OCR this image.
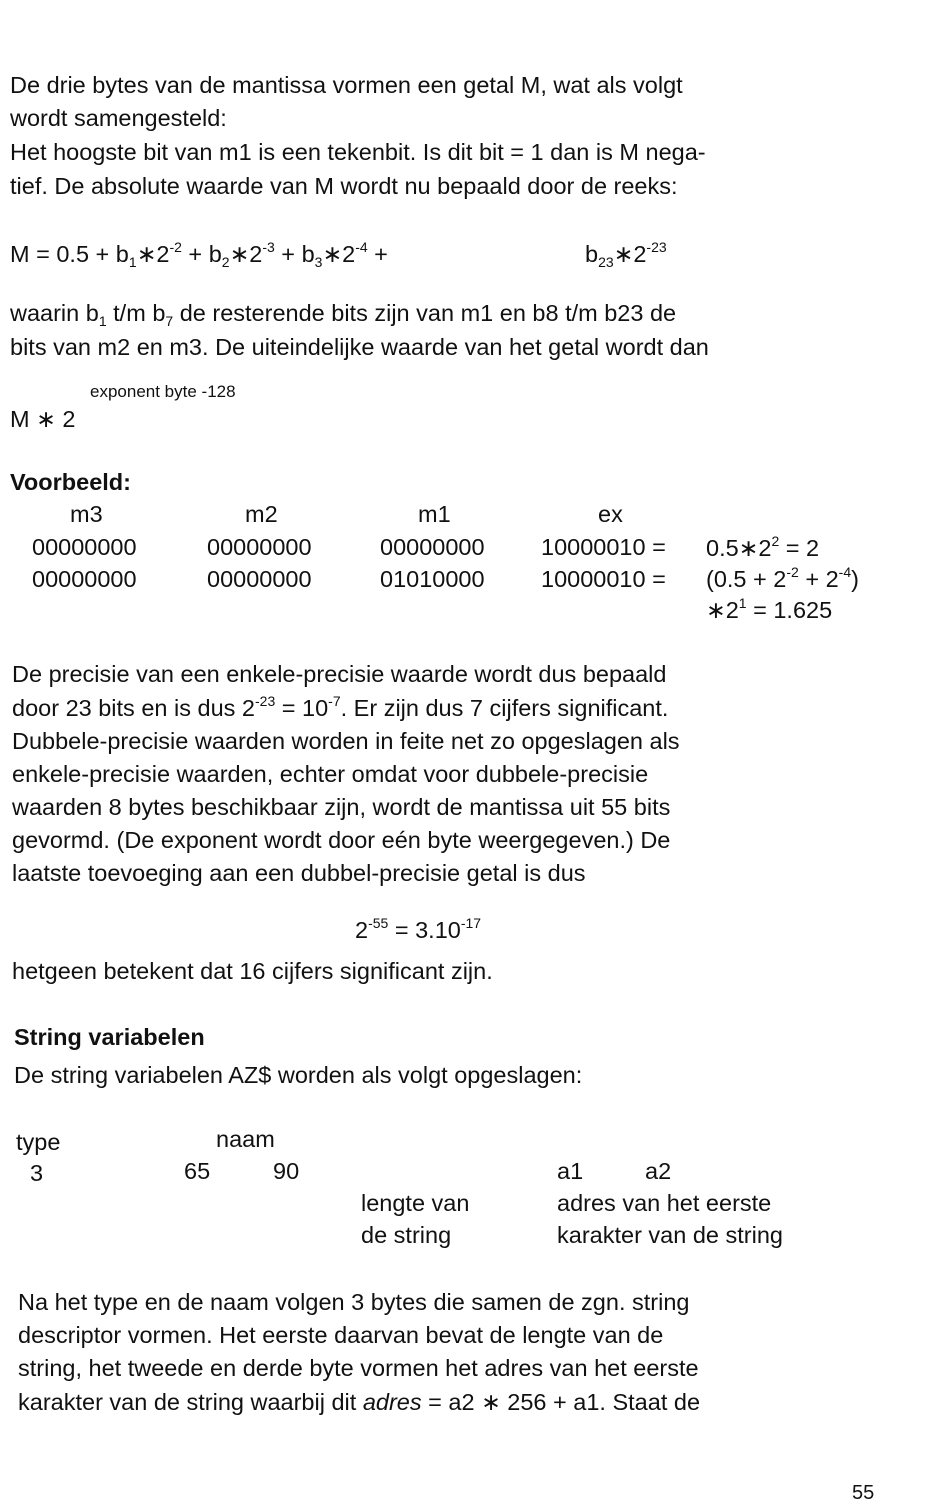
De drie bytes van de mantissa vormen een getal M, wat als volgt
wordt samengesteld:
Het hoogste bit van m1 is een tekenbit. Is dit bit = 1 dan is M nega-
tief. De absolute waarde van M wordt nu bepaald door de reeks:
$M = 0.5 + b_1∗2^{-2}$ + $b_2∗2^{-3}$ + $b_3∗2^{-4}$ +	$b_{23}∗2^{-23}$
waarin $b_1$ t/m $b_7$ de resterende bits zijn van m1 en b8 t/m b23 de
bits van m2 en m3. De uiteindelijke waarde van het getal wordt dan
exponent byte -128
M ∗ 2
Voorbeeld:
m3	m2	m1	ex
00000000	00000000	00000000 $10000010 = 0.5∗2^2 = 2$
00000000	00000000	01010000 $10000010 = (0.5 + 2^{-2} + 2^{-4})$
$∗2^1 = 1.625$
De precisie van een enkele-precisie waarde wordt dus bepaald
door 23 bits en is dus $2^{-23} = 10^{-7}$. Er zijn dus 7 cijfers significant.
Dubbele-precisie waarden worden in feite net zo opgeslagen als
enkele-precisie waarden, echter omdat voor dubbele-precisie
waarden 8 bytes beschikbaar zijn, wordt de mantissa uit 55 bits
gevormd. (De exponent wordt door eén byte weergegeven.) De
laatste toevoeging aan een dubbel-precisie getal is dus
$2^{-55} = 3.10^{-17}$
hetgeen betekent dat 16 cijfers significant zijn.
String variabelen
De string variabelen AZ$ worden als volgt opgeslagen:
type	naam
3	65	90	a1	a2
lengte van
de string
adres van het eerste
karakter van de string
Na het type en de naam volgen 3 bytes die samen de zgn. string
descriptor vormen. Het eerste daarvan bevat de lengte van de
string, het tweede en derde byte vormen het adres van het eerste
karakter van de string waarbij dit adres = a2 ∗ 256 + a1. Staat de
55
